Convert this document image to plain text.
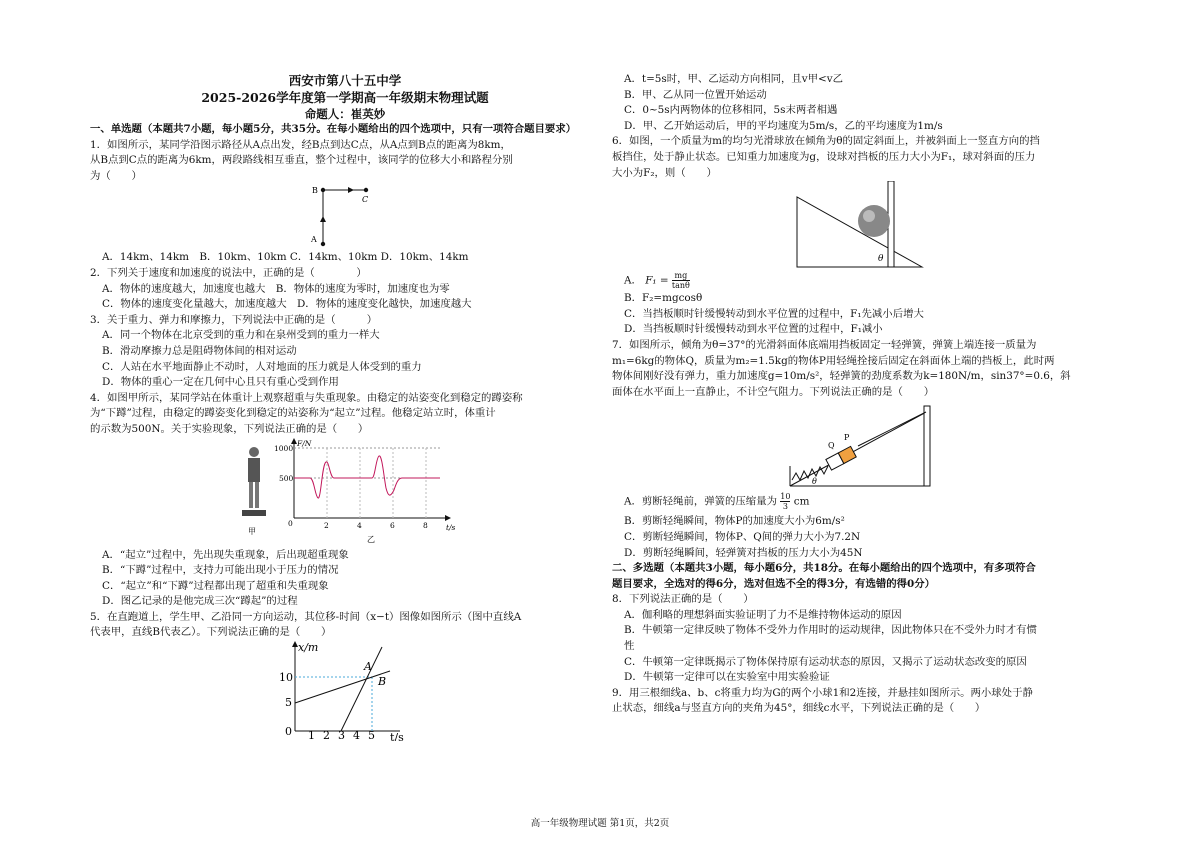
西安市第八十五中学
2025-2026学年度第一学期高一年级期末物理试题
命题人：崔英妙
一、单选题（本题共7小题，每小题5分，共35分。在每小题给出的四个选项中，只有一项符合题目要求）
1．如图所示，某同学沿图示路径从A点出发，经B点到达C点，从A点到B点的距离为8km，
从B点到C点的距离为6km，两段路线相互垂直，整个过程中，该同学的位移大小和路程分别
为（　　）
B
C
A
A．14km、14km　B．10km、10km C．14km、10km D．10km、14km
2．下列关于速度和加速度的说法中，正确的是（　　　　）
A．物体的速度越大，加速度也越大　B．物体的速度为零时，加速度也为零
C．物体的速度变化量越大，加速度越大　D．物体的速度变化越快，加速度越大
3．关于重力、弹力和摩擦力，下列说法中正确的是（　　　）
A．同一个物体在北京受到的重力和在泉州受到的重力一样大
B．滑动摩擦力总是阻碍物体间的相对运动
C．人站在水平地面静止不动时，人对地面的压力就是人体受到的重力
D．物体的重心一定在几何中心且只有重心受到作用
4．如图甲所示，某同学站在体重计上观察超重与失重现象。由稳定的站姿变化到稳定的蹲姿称
为“下蹲”过程，由稳定的蹲姿变化到稳定的站姿称为“起立”过程。他稳定站立时，体重计
的示数为500N。关于实验现象，下列说法正确的是（　　）
甲
F/N
t/s
1000
500
0	2	4	6	8
乙
A．“起立”过程中，先出现失重现象，后出现超重现象
B．“下蹲”过程中，支持力可能出现小于压力的情况
C．“起立”和“下蹲”过程都出现了超重和失重现象
D．图乙记录的是他完成三次“蹲起”的过程
5．在直跑道上，学生甲、乙沿同一方向运动，其位移-时间（x−t）图像如图所示（图中直线A
代表甲，直线B代表乙）。下列说法正确的是（　　）
x/m
t/s
10
5
0
A
B
1 2 3 4 5
A．t=5s时，甲、乙运动方向相同，且v甲<v乙
B．甲、乙从同一位置开始运动
C．0~5s内两物体的位移相同，5s末两者相遇
D．甲、乙开始运动后，甲的平均速度为5m/s，乙的平均速度为1m/s
6．如图，一个质量为m的均匀光滑球放在倾角为θ的固定斜面上，并被斜面上一竖直方向的挡
板挡住，处于静止状态。已知重力加速度为g，设球对挡板的压力大小为F₁，球对斜面的压力
大小为F₂，则（　　）
θ
A． $F_1 = \frac{mg}{\tan\theta}$
B．F₂=mgcosθ
C．当挡板顺时针缓慢转动到水平位置的过程中，F₁先减小后增大
D．当挡板顺时针缓慢转动到水平位置的过程中，F₁减小
7．如图所示，倾角为θ=37°的光滑斜面体底端用挡板固定一轻弹簧，弹簧上端连接一质量为
m₁=6kg的物体Q，质量为m₂=1.5kg的物体P用轻绳拴接后固定在斜面体上端的挡板上，此时两
物体间刚好没有弹力，重力加速度g=10m/s²，轻弹簧的劲度系数为k=180N/m，sin37°=0.6，斜
面体在水平面上一直静止，不计空气阻力。下列说法正确的是（　　）
Q
P
θ
A．剪断轻绳前，弹簧的压缩量为 $\frac{10}{3}$ cm
B．剪断轻绳瞬间，物体P的加速度大小为6m/s²
C．剪断轻绳瞬间，物体P、Q间的弹力大小为7.2N
D．剪断轻绳瞬间，轻弹簧对挡板的压力大小为45N
二、多选题（本题共3小题，每小题6分，共18分。在每小题给出的四个选项中，有多项符合
题目要求，全选对的得6分，选对但选不全的得3分，有选错的得0分）
8．下列说法正确的是（　　）
A．伽利略的理想斜面实验证明了力不是维持物体运动的原因
B．牛顿第一定律反映了物体不受外力作用时的运动规律，因此物体只在不受外力时才有惯
性
C．牛顿第一定律既揭示了物体保持原有运动状态的原因，又揭示了运动状态改变的原因
D．牛顿第一定律可以在实验室中用实验验证
9．用三根细线a、b、c将重力均为G的两个小球1和2连接，并悬挂如图所示。两小球处于静
止状态，细线a与竖直方向的夹角为45°，细线c水平，下列说法正确的是（　　）
高一年级物理试题 第1页，共2页
